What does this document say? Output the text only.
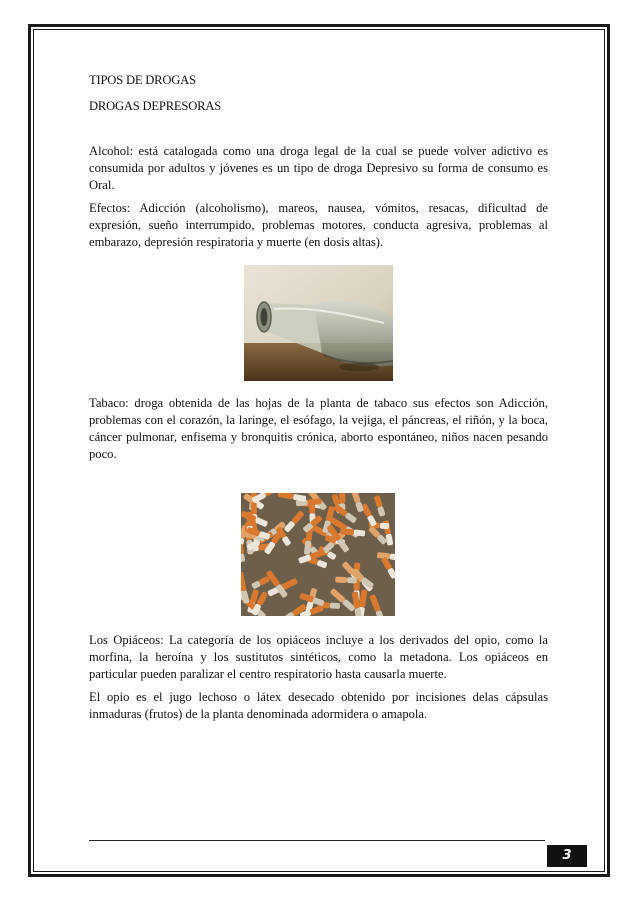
TIPOS DE DROGAS

DROGAS DEPRESORAS

Alcohol: está catalogada como una droga legal de la cual se puede volver adictivo es consumida por adultos y jóvenes es un tipo de droga Depresivo su forma de consumo es Oral.

Efectos: Adicción (alcoholismo), mareos, nausea, vómitos, resacas, dificultad de expresión, sueño interrumpido, problemas motores, conducta agresiva, problemas al embarazo, depresión respiratoria y muerte (en dosis altas).

Tabaco: droga obtenida de las hojas de la planta de tabaco sus efectos son Adicción, problemas con el corazón, la laringe, el esófago, la vejiga, el páncreas, el riñón, y la boca, cáncer pulmonar, enfisema y bronquitis crónica, aborto espontáneo, niños nacen pesando poco.

Los Opiáceos: La categoría de los opiáceos incluye a los derivados del opio, como la morfina, la heroína y los sustitutos sintéticos, como la metadona. Los opiáceos en particular pueden paralizar el centro respiratorio hasta causarla muerte.

El opio es el jugo lechoso o látex desecado obtenido por incisiones delas cápsulas inmaduras (frutos) de la planta denominada adormidera o amapola.

3
